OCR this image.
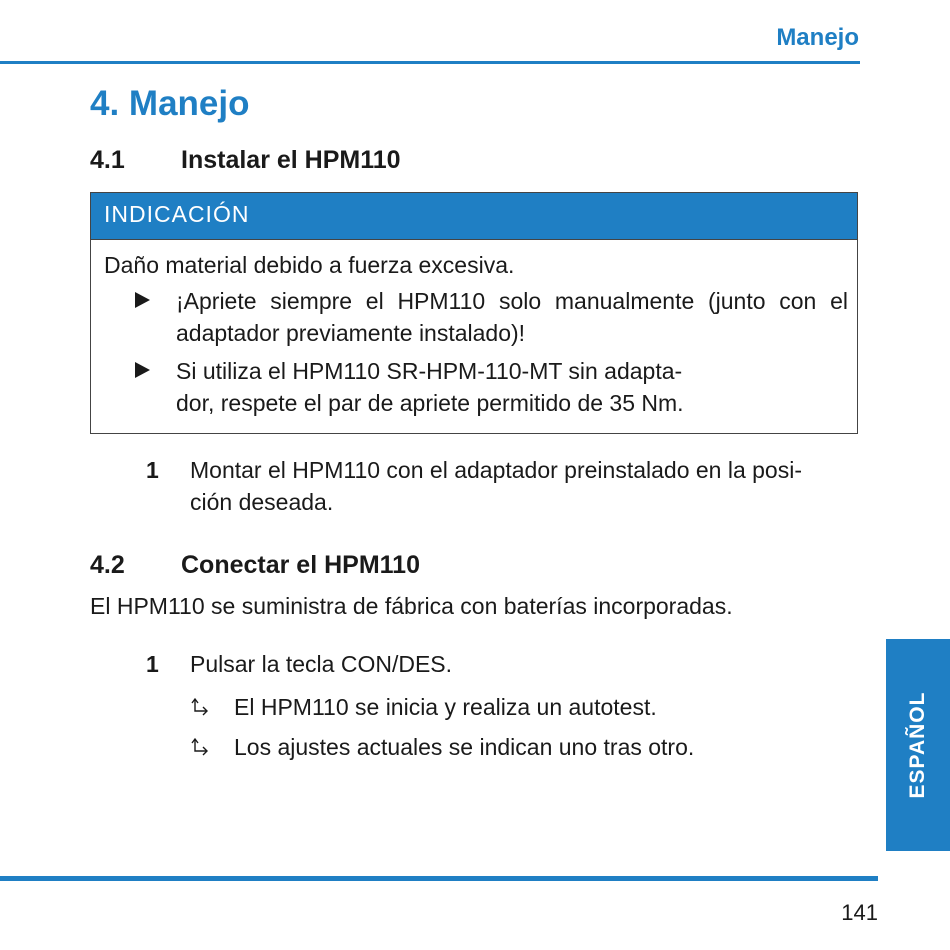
Manejo
4. Manejo
4.1 Instalar el HPM110
INDICACIÓN
Daño material debido a fuerza excesiva.
¡Apriete siempre el HPM110 solo manualmente (junto con el
adaptador previamente instalado)!
Si utiliza el HPM110 SR-HPM-110-MT sin adapta-
dor, respete el par de apriete permitido de 35 Nm.
1 Montar el HPM110 con el adaptador preinstalado en la posi-
ción deseada.
4.2 Conectar el HPM110
El HPM110 se suministra de fábrica con baterías incorporadas.
1 Pulsar la tecla CON/DES.
El HPM110 se inicia y realiza un autotest.
Los ajustes actuales se indican uno tras otro.	ESPAÑOL
141
